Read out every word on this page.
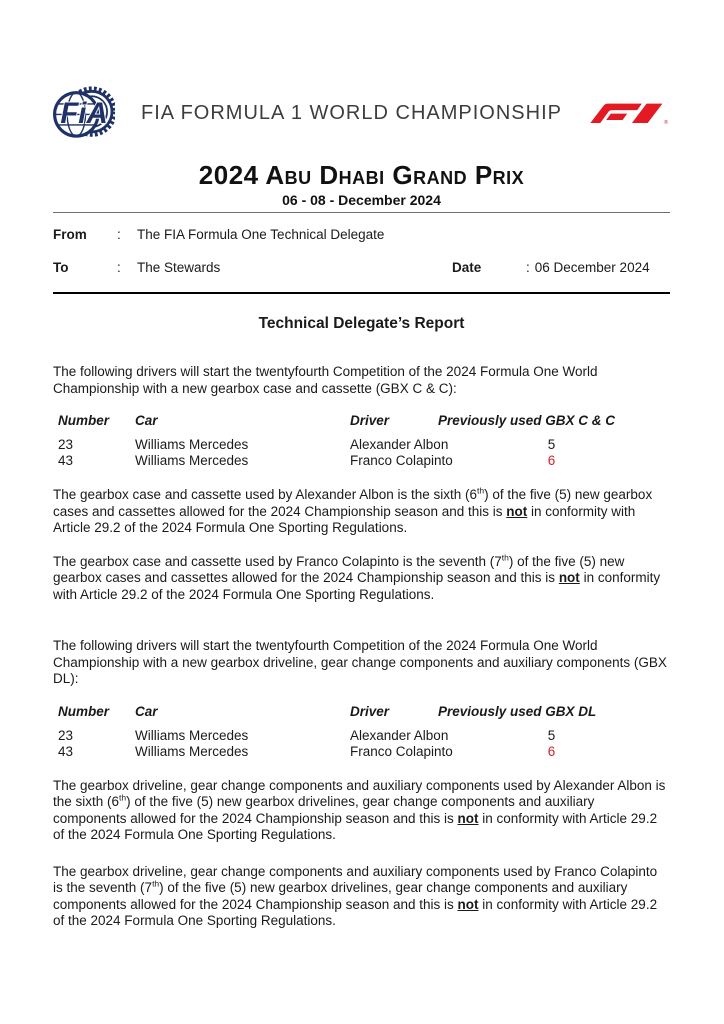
FiA FIA FORMULA 1 WORLD CHAMPIONSHIP	®
2024 Abu Dhabi Grand Prix
06 - 08 - December 2024
From : The FIA Formula One Technical Delegate
To	: The Stewards	Date	: 06 December 2024
Technical Delegate’s Report
The following drivers will start the twentyfourth Competition of the 2024 Formula One World Championship with a new gearbox case and cassette (GBX C & C):
Number	Car	Driver	Previously used GBX C & C
23	Williams Mercedes	Alexander Albon	5
43	Williams Mercedes	Franco Colapinto	6
The gearbox case and cassette used by Alexander Albon is the sixth (6th) of the five (5) new gearbox cases and cassettes allowed for the 2024 Championship season and this is not in conformity with Article 29.2 of the 2024 Formula One Sporting Regulations.
The gearbox case and cassette used by Franco Colapinto is the seventh (7th) of the five (5) new gearbox cases and cassettes allowed for the 2024 Championship season and this is not in conformity with Article 29.2 of the 2024 Formula One Sporting Regulations.
The following drivers will start the twentyfourth Competition of the 2024 Formula One World Championship with a new gearbox driveline, gear change components and auxiliary components (GBX DL):
Number	Car	Driver	Previously used GBX DL
23	Williams Mercedes	Alexander Albon	5
43	Williams Mercedes	Franco Colapinto	6
The gearbox driveline, gear change components and auxiliary components used by Alexander Albon is the sixth (6th) of the five (5) new gearbox drivelines, gear change components and auxiliary components allowed for the 2024 Championship season and this is not in conformity with Article 29.2 of the 2024 Formula One Sporting Regulations.
The gearbox driveline, gear change components and auxiliary components used by Franco Colapinto is the seventh (7th) of the five (5) new gearbox drivelines, gear change components and auxiliary components allowed for the 2024 Championship season and this is not in conformity with Article 29.2 of the 2024 Formula One Sporting Regulations.
